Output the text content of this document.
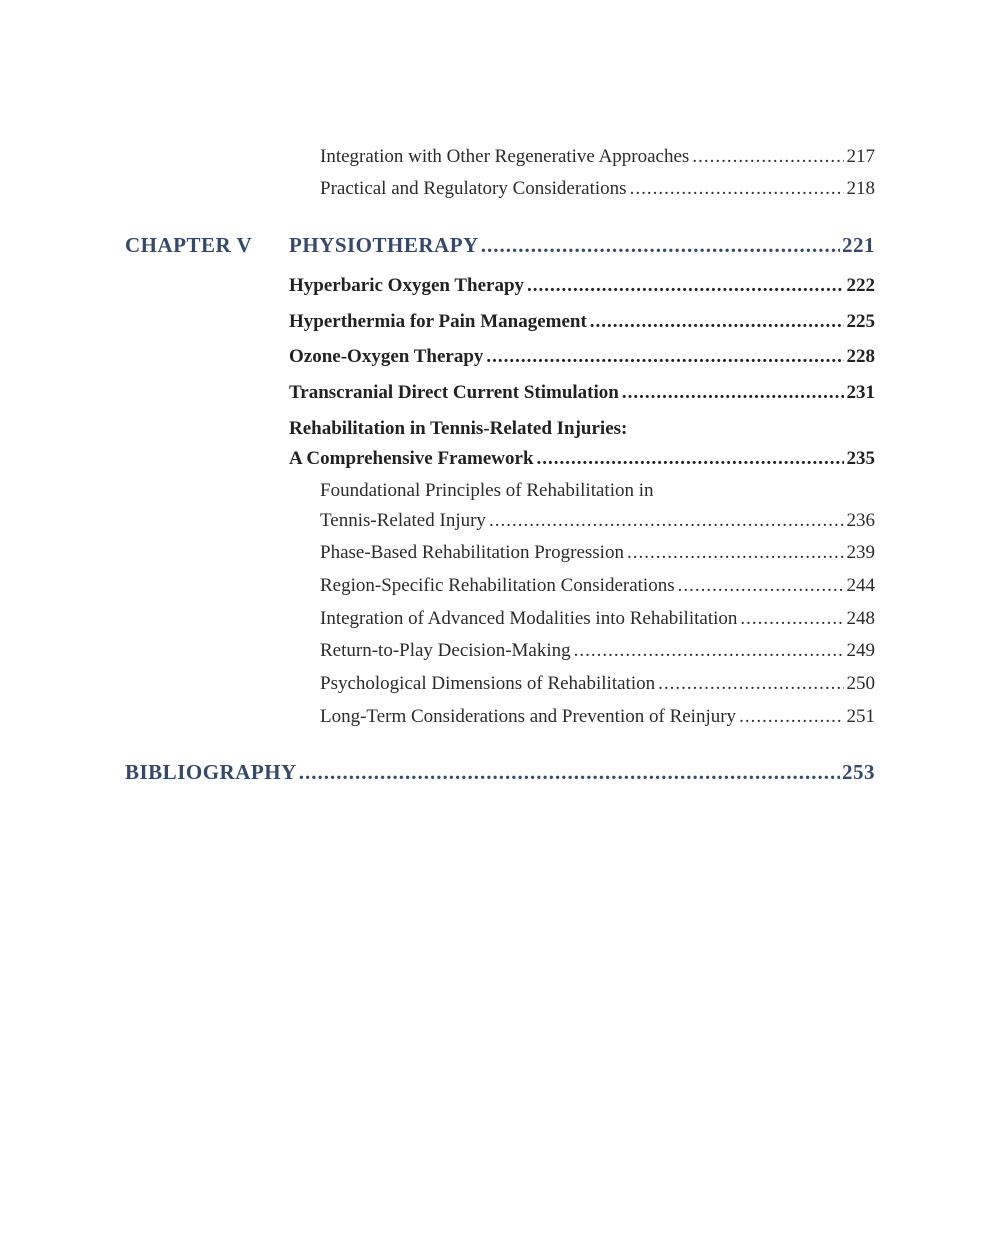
Integration with Other Regenerative Approaches .....	217
Practical and Regulatory Considerations .....	218
CHAPTER V PHYSIOTHERAPY .....	221
Hyperbaric Oxygen Therapy .....	222
Hyperthermia for Pain Management .....	225
Ozone-Oxygen Therapy .....	228
Transcranial Direct Current Stimulation .....	231
Rehabilitation in Tennis-Related Injuries:
A Comprehensive Framework .....	235
Foundational Principles of Rehabilitation in
Tennis-Related Injury .....	236
Phase-Based Rehabilitation Progression .....	239
Region-Specific Rehabilitation Considerations .....	244
Integration of Advanced Modalities into Rehabilitation .....	248
Return-to-Play Decision-Making .....	249
Psychological Dimensions of Rehabilitation .....	250
Long-Term Considerations and Prevention of Reinjury .....	251
BIBLIOGRAPHY .....	253
